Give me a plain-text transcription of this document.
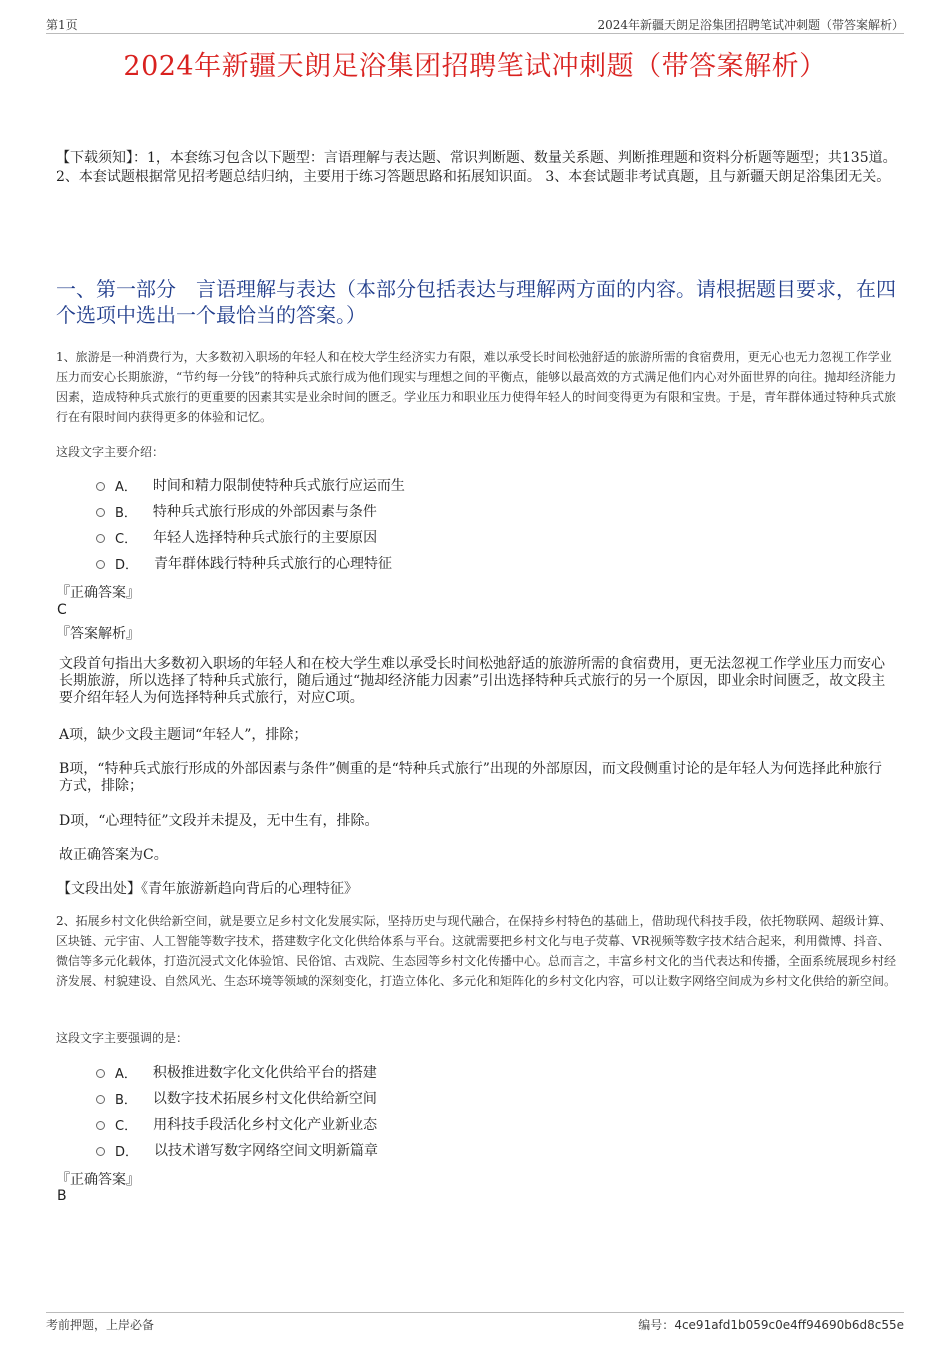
第1页	2024年新疆天朗足浴集团招聘笔试冲刺题（带答案解析）
2024年新疆天朗足浴集团招聘笔试冲刺题（带答案解析）
【下载须知】：1，本套练习包含以下题型：言语理解与表达题、常识判断题、数量关系题、判断推理题和资料分析题等题型；共135道。 2、本套试题根据常见招考题总结归纳，主要用于练习答题思路和拓展知识面。 3、本套试题非考试真题，且与新疆天朗足浴集团无关。
一、第一部分　言语理解与表达（本部分包括表达与理解两方面的内容。请根据题目要求，在四个选项中选出一个最恰当的答案。）
1、旅游是一种消费行为，大多数初入职场的年轻人和在校大学生经济实力有限，难以承受长时间松弛舒适的旅游所需的食宿费用，更无心也无力忽视工作学业压力而安心长期旅游，“节约每一分钱”的特种兵式旅行成为他们现实与理想之间的平衡点，能够以最高效的方式满足他们内心对外面世界的向往。抛却经济能力因素，造成特种兵式旅行的更重要的因素其实是业余时间的匮乏。学业压力和职业压力使得年轻人的时间变得更为有限和宝贵。于是，青年群体通过特种兵式旅行在有限时间内获得更多的体验和记忆。
这段文字主要介绍：
A． 时间和精力限制使特种兵式旅行应运而生
B． 特种兵式旅行形成的外部因素与条件
C． 年轻人选择特种兵式旅行的主要原因
D． 青年群体践行特种兵式旅行的心理特征
『正确答案』
C
『答案解析』
文段首句指出大多数初入职场的年轻人和在校大学生难以承受长时间松弛舒适的旅游所需的食宿费用，更无法忽视工作学业压力而安心长期旅游，所以选择了特种兵式旅行，随后通过“抛却经济能力因素”引出选择特种兵式旅行的另一个原因，即业余时间匮乏，故文段主要介绍年轻人为何选择特种兵式旅行，对应C项。
A项，缺少文段主题词“年轻人”，排除；
B项，“特种兵式旅行形成的外部因素与条件”侧重的是“特种兵式旅行”出现的外部原因，而文段侧重讨论的是年轻人为何选择此种旅行方式，排除；
D项，“心理特征”文段并未提及，无中生有，排除。
故正确答案为C。
【文段出处】《青年旅游新趋向背后的心理特征》
2、拓展乡村文化供给新空间，就是要立足乡村文化发展实际，坚持历史与现代融合，在保持乡村特色的基础上，借助现代科技手段，依托物联网、超级计算、区块链、元宇宙、人工智能等数字技术，搭建数字化文化供给体系与平台。这就需要把乡村文化与电子荧幕、VR视频等数字技术结合起来，利用微博、抖音、微信等多元化载体，打造沉浸式文化体验馆、民俗馆、古戏院、生态园等乡村文化传播中心。总而言之，丰富乡村文化的当代表达和传播，全面系统展现乡村经济发展、村貌建设、自然风光、生态环境等领域的深刻变化，打造立体化、多元化和矩阵化的乡村文化内容，可以让数字网络空间成为乡村文化供给的新空间。
这段文字主要强调的是：
A． 积极推进数字化文化供给平台的搭建
B． 以数字技术拓展乡村文化供给新空间
C． 用科技手段活化乡村文化产业新业态
D． 以技术谱写数字网络空间文明新篇章
『正确答案』
B
考前押题，上岸必备	编号：4ce91afd1b059c0e4ff94690b6d8c55e
